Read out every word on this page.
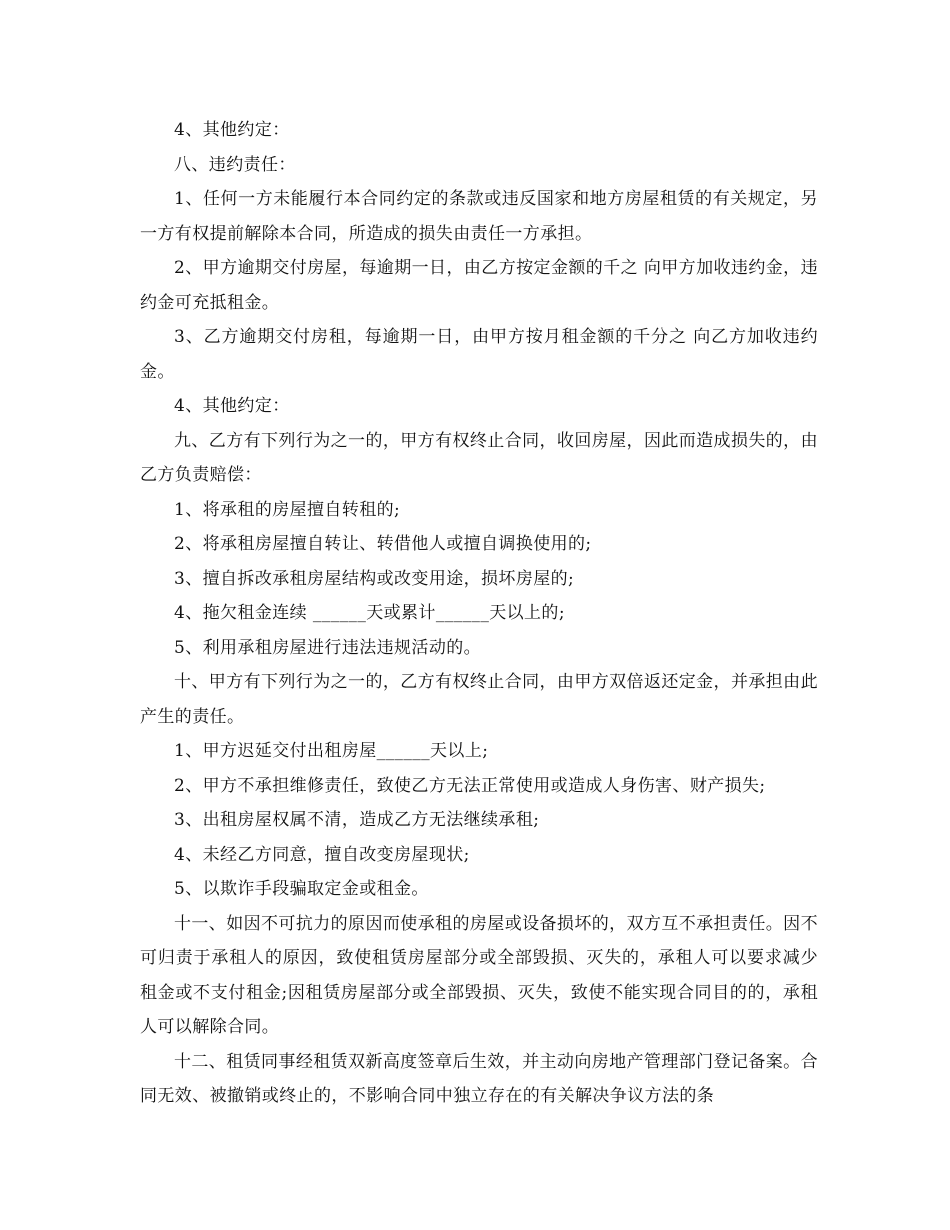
4、其他约定：

八、违约责任：

1、任何一方未能履行本合同约定的条款或违反国家和地方房屋租赁的有关规定，另一方有权提前解除本合同，所造成的损失由责任一方承担。

2、甲方逾期交付房屋，每逾期一日，由乙方按定金额的千之 向甲方加收违约金，违约金可充抵租金。

3、乙方逾期交付房租，每逾期一日，由甲方按月租金额的千分之 向乙方加收违约金。

4、其他约定：

九、乙方有下列行为之一的，甲方有权终止合同，收回房屋，因此而造成损失的，由乙方负责赔偿：

1、将承租的房屋擅自转租的;

2、将承租房屋擅自转让、转借他人或擅自调换使用的;

3、擅自拆改承租房屋结构或改变用途，损坏房屋的;

4、拖欠租金连续 ______天或累计______天以上的;

5、利用承租房屋进行违法违规活动的。

十、甲方有下列行为之一的，乙方有权终止合同，由甲方双倍返还定金，并承担由此产生的责任。

1、甲方迟延交付出租房屋______天以上;

2、甲方不承担维修责任，致使乙方无法正常使用或造成人身伤害、财产损失;

3、出租房屋权属不清，造成乙方无法继续承租;

4、未经乙方同意，擅自改变房屋现状;

5、以欺诈手段骗取定金或租金。

十一、如因不可抗力的原因而使承租的房屋或设备损坏的，双方互不承担责任。因不可归责于承租人的原因，致使租赁房屋部分或全部毁损、灭失的，承租人可以要求减少租金或不支付租金;因租赁房屋部分或全部毁损、灭失，致使不能实现合同目的的，承租人可以解除合同。

十二、租赁同事经租赁双新高度签章后生效，并主动向房地产管理部门登记备案。合同无效、被撤销或终止的，不影响合同中独立存在的有关解决争议方法的条
